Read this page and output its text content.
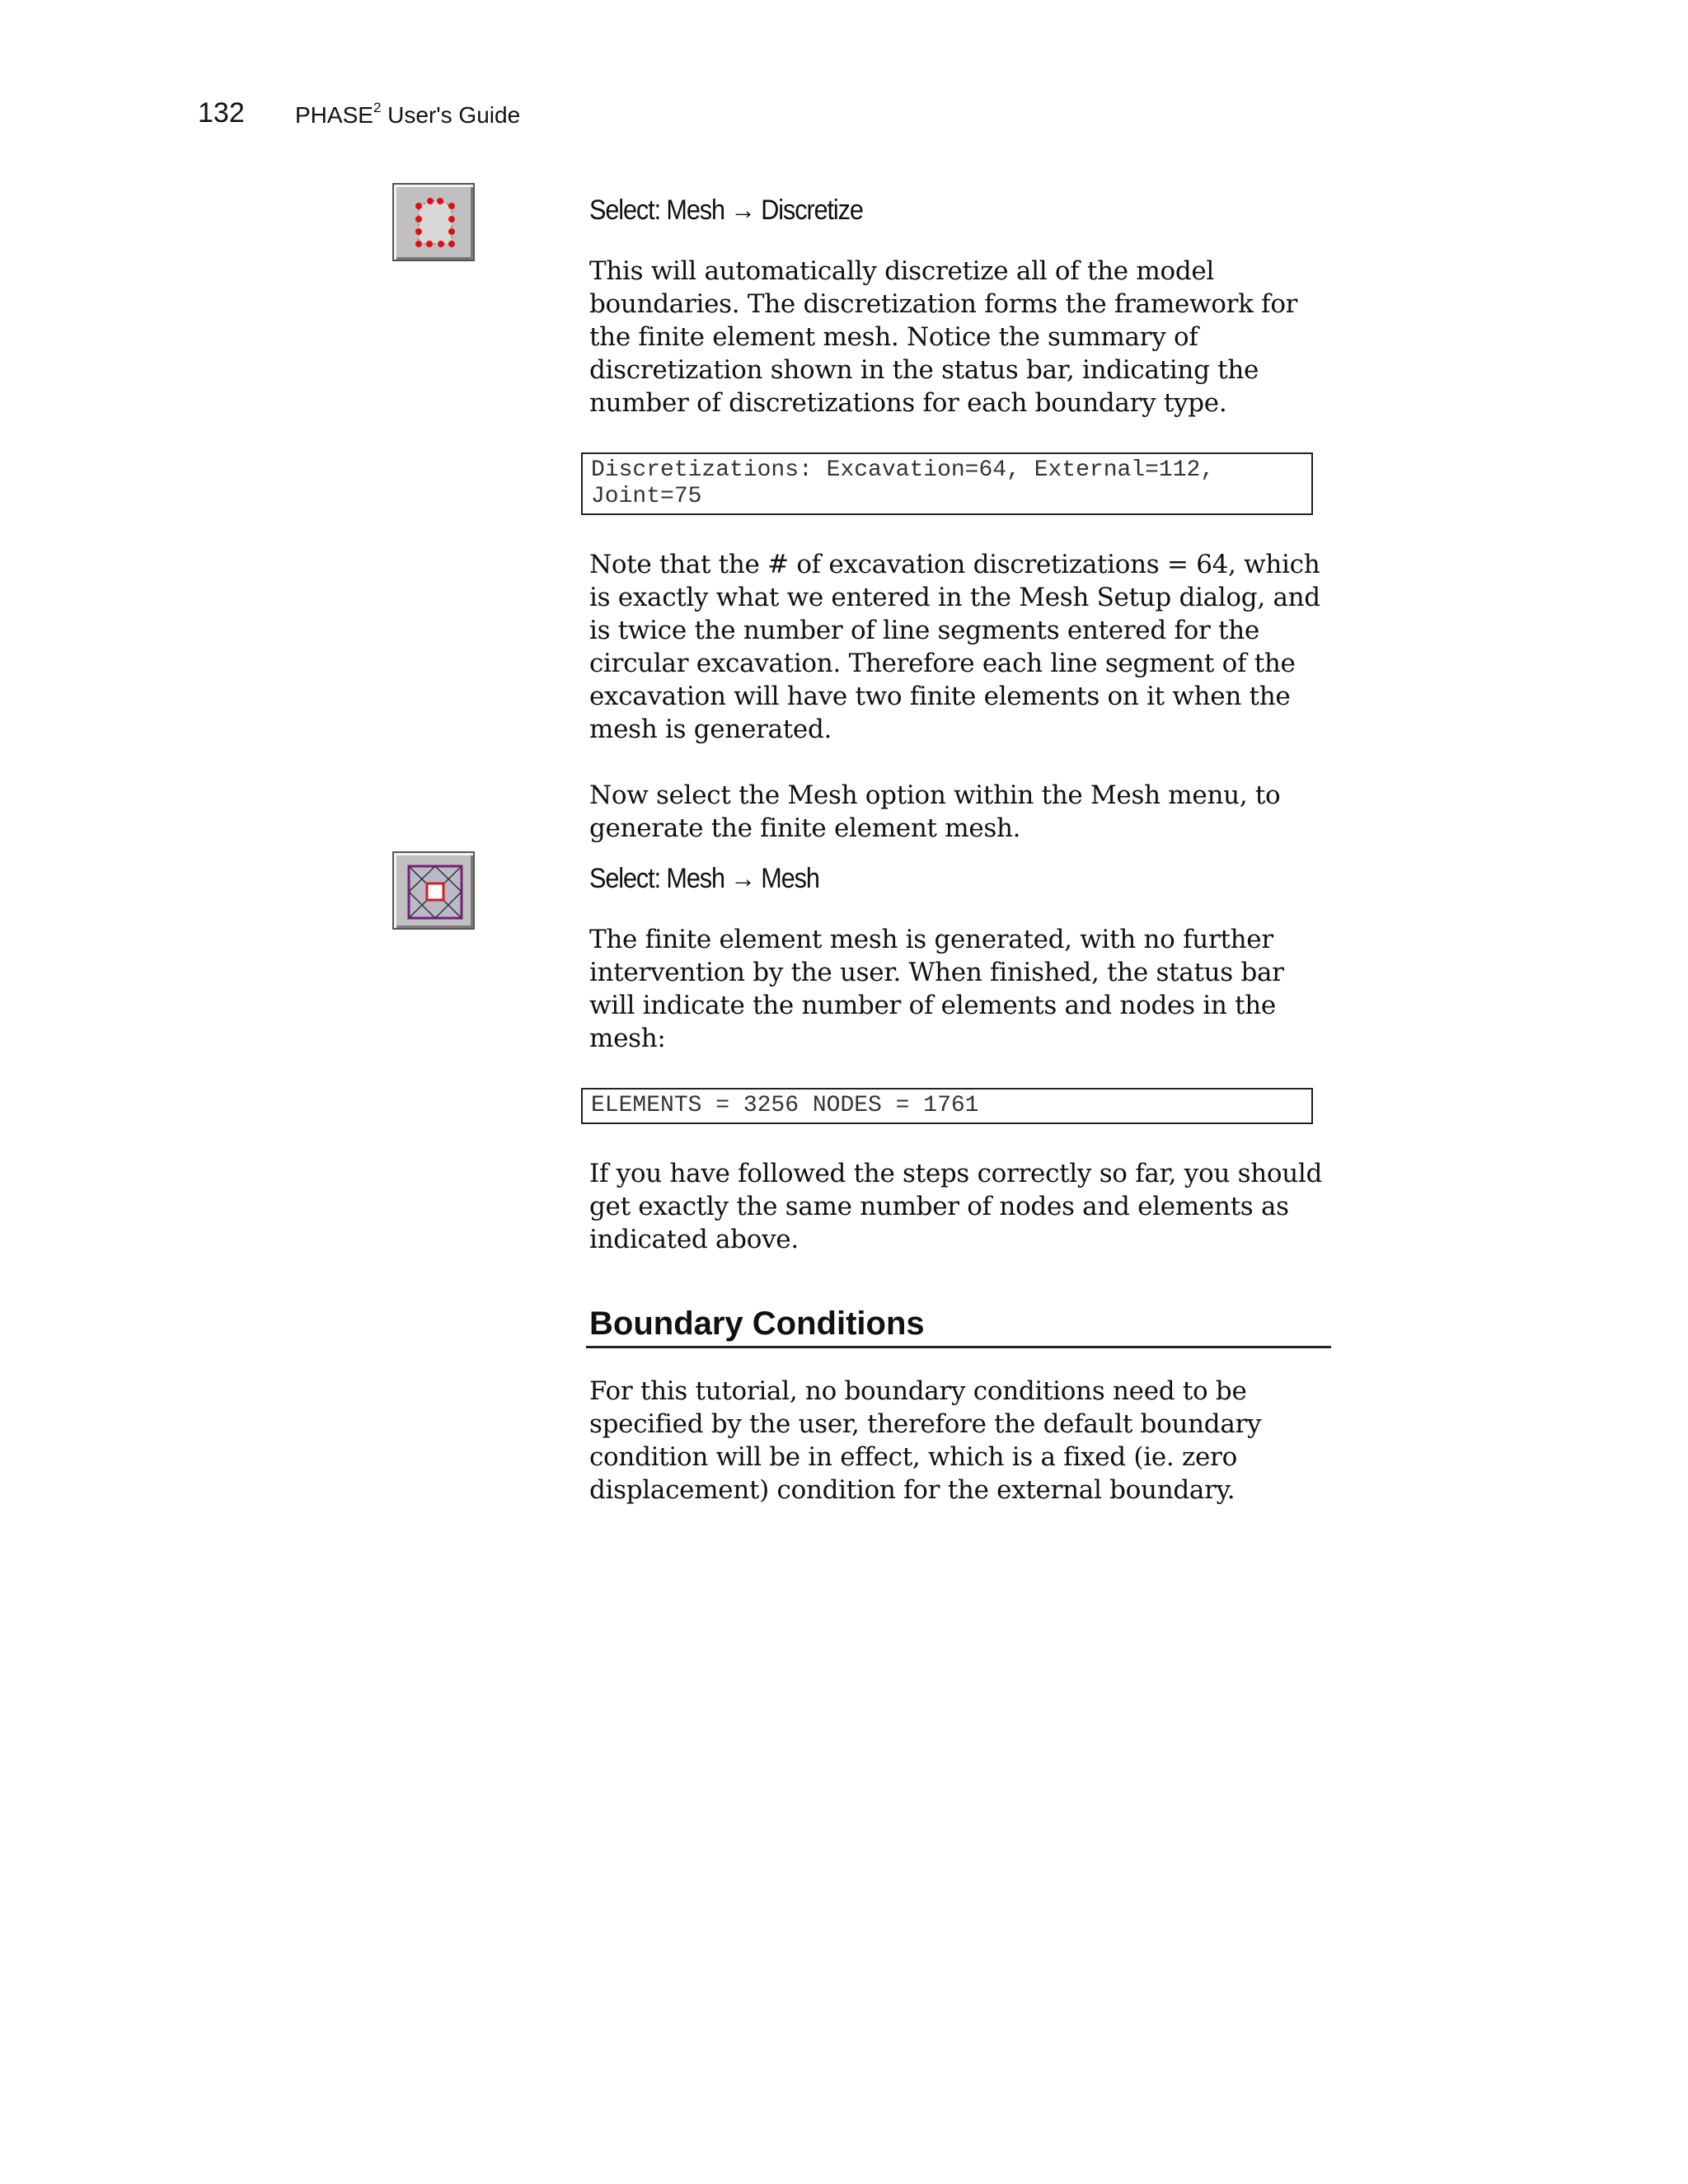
132 PHASE$^2$ User's Guide
Select: Mesh → Discretize

This will automatically discretize all of the model boundaries. The discretization forms the framework for the finite element mesh. Notice the summary of discretization shown in the status bar, indicating the number of discretizations for each boundary type.

Discretizations: Excavation=64, External=112,
Joint=75

Note that the # of excavation discretizations = 64, which is exactly what we entered in the Mesh Setup dialog, and is twice the number of line segments entered for the circular excavation. Therefore each line segment of the excavation will have two finite elements on it when the mesh is generated.

Now select the Mesh option within the Mesh menu, to generate the finite element mesh.

Select: Mesh → Mesh

The finite element mesh is generated, with no further intervention by the user. When finished, the status bar will indicate the number of elements and nodes in the mesh:

ELEMENTS = 3256 NODES = 1761

If you have followed the steps correctly so far, you should get exactly the same number of nodes and elements as indicated above.

Boundary Conditions

For this tutorial, no boundary conditions need to be specified by the user, therefore the default boundary condition will be in effect, which is a fixed (ie. zero displacement) condition for the external boundary.
